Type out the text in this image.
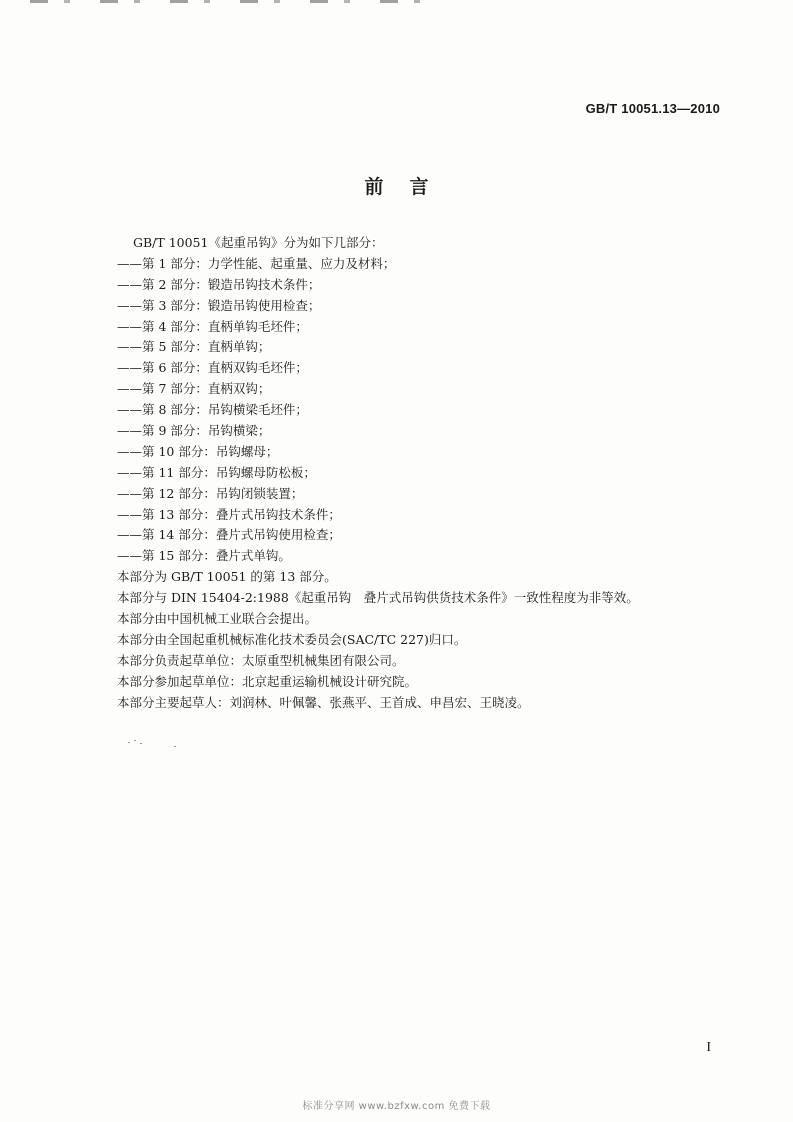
GB/T 10051.13—2010
前言
GB/T 10051《起重吊钩》分为如下几部分：
——第 1 部分：力学性能、起重量、应力及材料；
——第 2 部分：锻造吊钩技术条件；
——第 3 部分：锻造吊钩使用检查；
——第 4 部分：直柄单钩毛坯件；
——第 5 部分：直柄单钩；
——第 6 部分：直柄双钩毛坯件；
——第 7 部分：直柄双钩；
——第 8 部分：吊钩横梁毛坯件；
——第 9 部分：吊钩横梁；
——第 10 部分：吊钩螺母；
——第 11 部分：吊钩螺母防松板；
——第 12 部分：吊钩闭锁装置；
——第 13 部分：叠片式吊钩技术条件；
——第 14 部分：叠片式吊钩使用检查；
——第 15 部分：叠片式单钩。
本部分为 GB/T 10051 的第 13 部分。
本部分与 DIN 15404-2:1988《起重吊钩　叠片式吊钩供货技术条件》一致性程度为非等效。
本部分由中国机械工业联合会提出。
本部分由全国起重机械标准化技术委员会(SAC/TC 227)归口。
本部分负责起草单位：太原重型机械集团有限公司。
本部分参加起草单位：北京起重运输机械设计研究院。
本部分主要起草人：刘润林、叶佩馨、张燕平、王首成、申昌宏、王晓凌。
I
标准分享网 www.bzfxw.com 免费下载
